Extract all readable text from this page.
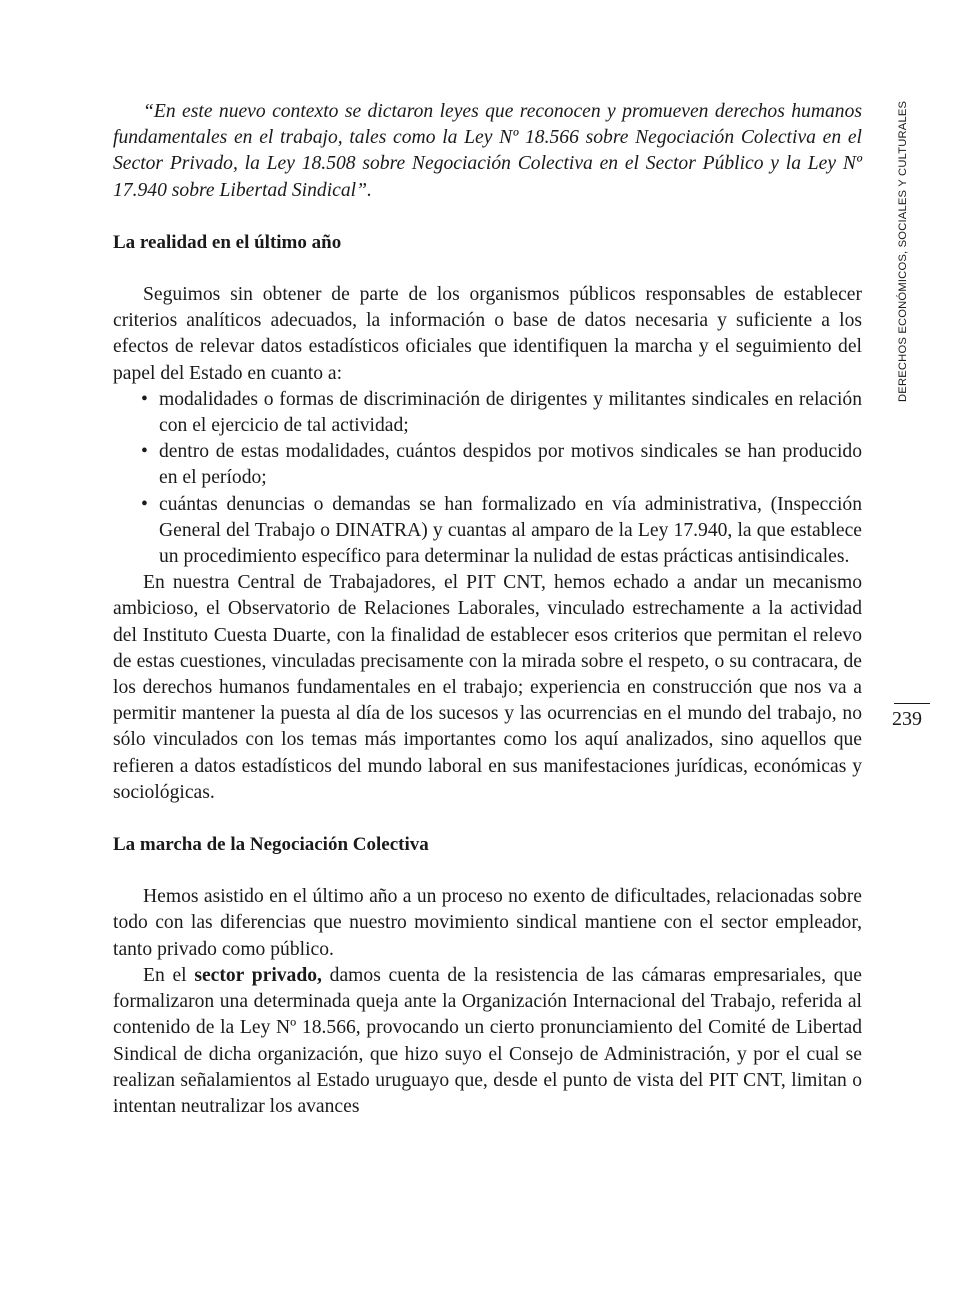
DERECHOS ECONÓMICOS, SOCIALES Y CULTURALES
239

“En este nuevo contexto se dictaron leyes que reconocen y promueven derechos humanos fundamentales en el trabajo, tales como la Ley Nº 18.566 sobre Negociación Colectiva en el Sector Privado, la Ley 18.508 sobre Negociación Colectiva en el Sector Público y la Ley Nº 17.940 sobre Libertad Sindical”.

La realidad en el último año

Seguimos sin obtener de parte de los organismos públicos responsables de establecer criterios analíticos adecuados, la información o base de datos necesaria y suficiente a los efectos de relevar datos estadísticos oficiales que identifiquen la marcha y el seguimiento del papel del Estado en cuanto a:

• modalidades o formas de discriminación de dirigentes y militantes sindicales en relación con el ejercicio de tal actividad;
• dentro de estas modalidades, cuántos despidos por motivos sindicales se han producido en el período;
• cuántas denuncias o demandas se han formalizado en vía administrativa, (Inspección General del Trabajo o DINATRA) y cuantas al amparo de la Ley 17.940, la que establece un procedimiento específico para determinar la nulidad de estas prácticas antisindicales.

En nuestra Central de Trabajadores, el PIT CNT, hemos echado a andar un mecanismo ambicioso, el Observatorio de Relaciones Laborales, vinculado estrechamente a la actividad del Instituto Cuesta Duarte, con la finalidad de establecer esos criterios que permitan el relevo de estas cuestiones, vinculadas precisamente con la mirada sobre el respeto, o su contracara, de los derechos humanos fundamentales en el trabajo; experiencia en construcción que nos va a permitir mantener la puesta al día de los sucesos y las ocurrencias en el mundo del trabajo, no sólo vinculados con los temas más importantes como los aquí analizados, sino aquellos que refieren a datos estadísticos del mundo laboral en sus manifestaciones jurídicas, económicas y sociológicas.

La marcha de la Negociación Colectiva

Hemos asistido en el último año a un proceso no exento de dificultades, relacionadas sobre todo con las diferencias que nuestro movimiento sindical mantiene con el sector empleador, tanto privado como público.

En el sector privado, damos cuenta de la resistencia de las cámaras empresariales, que formalizaron una determinada queja ante la Organización Internacional del Trabajo, referida al contenido de la Ley Nº 18.566, provocando un cierto pronunciamiento del Comité de Libertad Sindical de dicha organización, que hizo suyo el Consejo de Administración, y por el cual se realizan señalamientos al Estado uruguayo que, desde el punto de vista del PIT CNT, limitan o intentan neutralizar los avances
